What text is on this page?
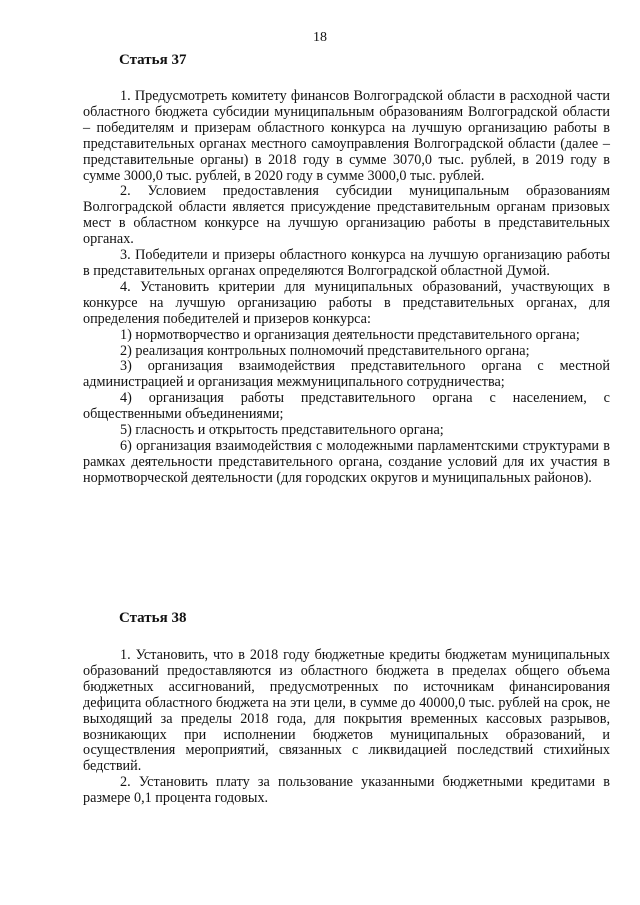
18
Статья 37

1. Предусмотреть комитету финансов Волгоградской области в расходной части областного бюджета субсидии муниципальным образованиям Волгоградской области – победителям и призерам областного конкурса на лучшую организацию работы в представительных органах местного самоуправления Волгоградской области (далее – представительные органы) в 2018 году в сумме 3070,0 тыс. рублей, в 2019 году в сумме 3000,0 тыс. рублей, в 2020 году в сумме 3000,0 тыс. рублей.

2. Условием предоставления субсидии муниципальным образованиям Волгоградской области является присуждение представительным органам призовых мест в областном конкурсе на лучшую организацию работы в представительных органах.

3. Победители и призеры областного конкурса на лучшую организацию работы в представительных органах определяются Волгоградской областной Думой.

4. Установить критерии для муниципальных образований, участвующих в конкурсе на лучшую организацию работы в представительных органах, для определения победителей и призеров конкурса:

1) нормотворчество и организация деятельности представительного органа;

2) реализация контрольных полномочий представительного органа;

3) организация взаимодействия представительного органа с местной администрацией и организация межмуниципального сотрудничества;

4) организация работы представительного органа с населением, с общественными объединениями;

5) гласность и открытость представительного органа;

6) организация взаимодействия с молодежными парламентскими структурами в рамках деятельности представительного органа, создание условий для их участия в нормотворческой деятельности (для городских округов и муниципальных районов).

Статья 38

1. Установить, что в 2018 году бюджетные кредиты бюджетам муниципальных образований предоставляются из областного бюджета в пределах общего объема бюджетных ассигнований, предусмотренных по источникам финансирования дефицита областного бюджета на эти цели, в сумме до 40000,0 тыс. рублей на срок, не выходящий за пределы 2018 года, для покрытия временных кассовых разрывов, возникающих при исполнении бюджетов муниципальных образований, и осуществления мероприятий, связанных с ликвидацией последствий стихийных бедствий.

2. Установить плату за пользование указанными бюджетными кредитами в размере 0,1 процента годовых.
